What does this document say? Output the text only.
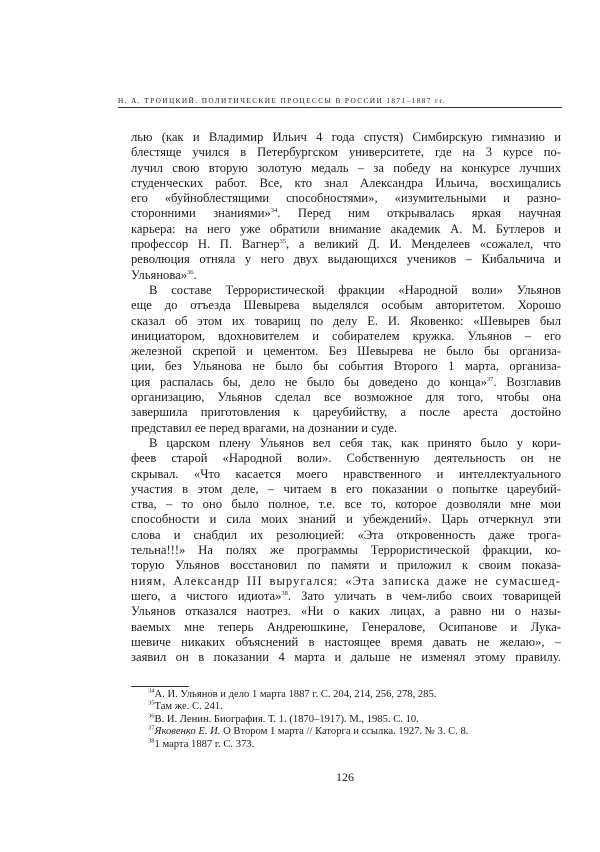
Н. А. ТРОИЦКИЙ. ПОЛИТИЧЕСКИЕ ПРОЦЕССЫ В РОССИИ 1871–1887 гг.
лью (как и Владимир Ильич 4 года спустя) Симбирскую гимназию и
блестяще учился в Петербургском университете, где на 3 курсе по-
лучил свою вторую золотую медаль – за победу на конкурсе лучших
студенческих работ. Все, кто знал Александра Ильича, восхищались
его «буйноблестящими способностями», «изумительными и разно-
сторонними знаниями»$^{34}$. Перед ним открывалась яркая научная
карьера: на него уже обратили внимание академик А. М. Бутлеров и
профессор Н. П. Вагнер$^{35}$, а великий Д. И. Менделеев «сожалел, что
революция отняла у него двух выдающихся учеников – Кибальчича и
Ульянова»$^{36}$.
В составе Террористической фракции «Народной воли» Ульянов
еще до отъезда Шевырева выделялся особым авторитетом. Хорошо
сказал об этом их товарищ по делу Е. И. Яковенко: «Шевырев был
инициатором, вдохновителем и собирателем кружка. Ульянов – его
железной скрепой и цементом. Без Шевырева не было бы организа-
ции, без Ульянова не было бы события Второго 1 марта, организа-
ция распалась бы, дело не было бы доведено до конца»$^{37}$. Возглавив
организацию, Ульянов сделал все возможное для того, чтобы она
завершила приготовления к цареубийству, а после ареста достойно
представил ее перед врагами, на дознании и суде.
В царском плену Ульянов вел себя так, как принято было у кори-
феев старой «Народной воли». Собственную деятельность он не
скрывал. «Что касается моего нравственного и интеллектуального
участия в этом деле, – читаем в его показании о попытке цареубий-
ства, – то оно было полное, т.е. все то, которое дозволяли мне мои
способности и сила моих знаний и убеждений». Царь отчеркнул эти
слова и снабдил их резолюцией: «Эта откровенность даже трога-
тельна!!!» На полях же программы Террористической фракции, ко-
торую Ульянов восстановил по памяти и приложил к своим показа-
ниям, Александр III выругался: «Эта записка даже не сумасшед-
шего, а чистого идиота»$^{38}$. Зато уличать в чем-либо своих товарищей
Ульянов отказался наотрез. «Ни о каких лицах, а равно ни о назы-
ваемых мне теперь Андреюшкине, Генералове, Осипанове и Лука-
шевиче никаких объяснений в настоящее время давать не желаю», –
заявил он в показании 4 марта и дальше не изменял этому правилу.
$^{34}$А. И. Ульянов и дело 1 марта 1887 г. С. 204, 214, 256, 278, 285.
$^{35}$Там же. С. 241.
$^{36}$В. И. Ленин. Биография. Т. 1. (1870–1917). М., 1985. С. 10.
$^{37}$Яковенко Е. И. О Втором 1 марта // Каторга и ссылка. 1927. № 3. С. 8.
$^{38}$1 марта 1887 г. С. 373.
126
